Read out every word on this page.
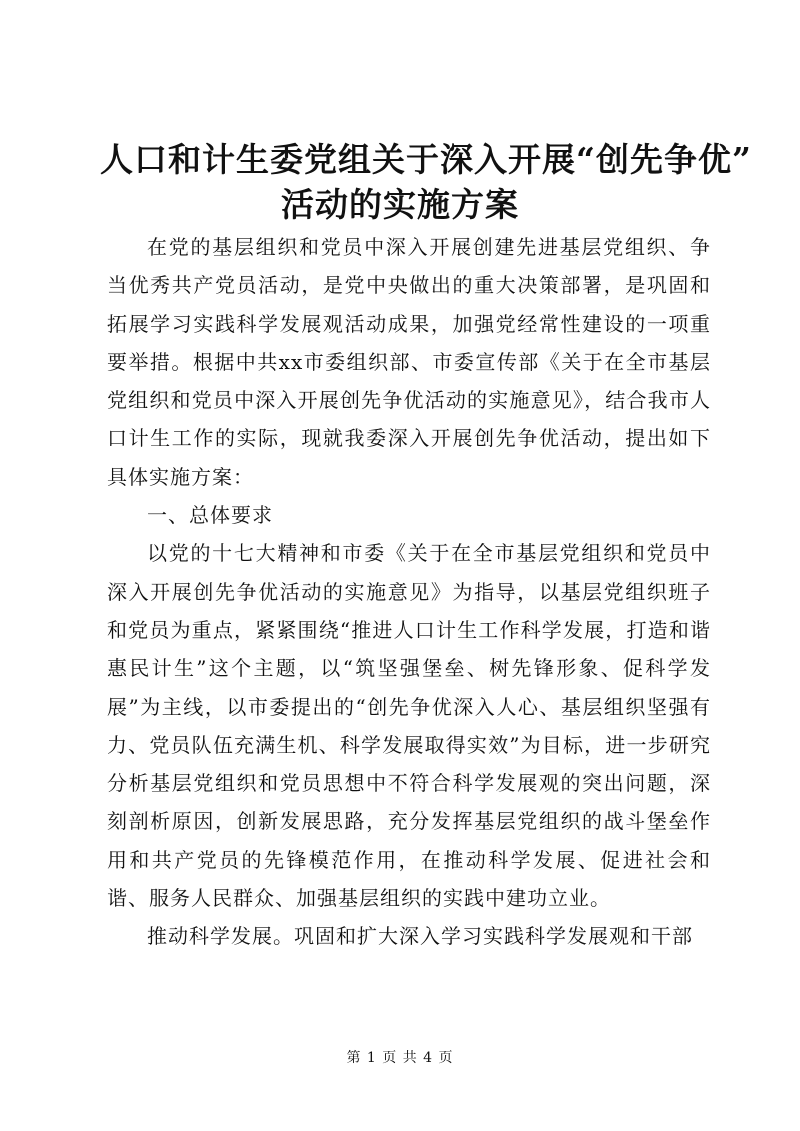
人口和计生委党组关于深入开展“创先争优”
活动的实施方案

在党的基层组织和党员中深入开展创建先进基层党组织、争当优秀共产党员活动，是党中央做出的重大决策部署，是巩固和拓展学习实践科学发展观活动成果，加强党经常性建设的一项重要举措。根据中共xx市委组织部、市委宣传部《关于在全市基层党组织和党员中深入开展创先争优活动的实施意见》，结合我市人口计生工作的实际，现就我委深入开展创先争优活动，提出如下具体实施方案：

一、总体要求

以党的十七大精神和市委《关于在全市基层党组织和党员中深入开展创先争优活动的实施意见》为指导，以基层党组织班子和党员为重点，紧紧围绕“推进人口计生工作科学发展，打造和谐惠民计生”这个主题，以“筑坚强堡垒、树先锋形象、促科学发展”为主线，以市委提出的“创先争优深入人心、基层组织坚强有力、党员队伍充满生机、科学发展取得实效”为目标，进一步研究分析基层党组织和党员思想中不符合科学发展观的突出问题，深刻剖析原因，创新发展思路，充分发挥基层党组织的战斗堡垒作用和共产党员的先锋模范作用，在推动科学发展、促进社会和谐、服务人民群众、加强基层组织的实践中建功立业。

推动科学发展。巩固和扩大深入学习实践科学发展观和干部

第 1 页 共 4 页
